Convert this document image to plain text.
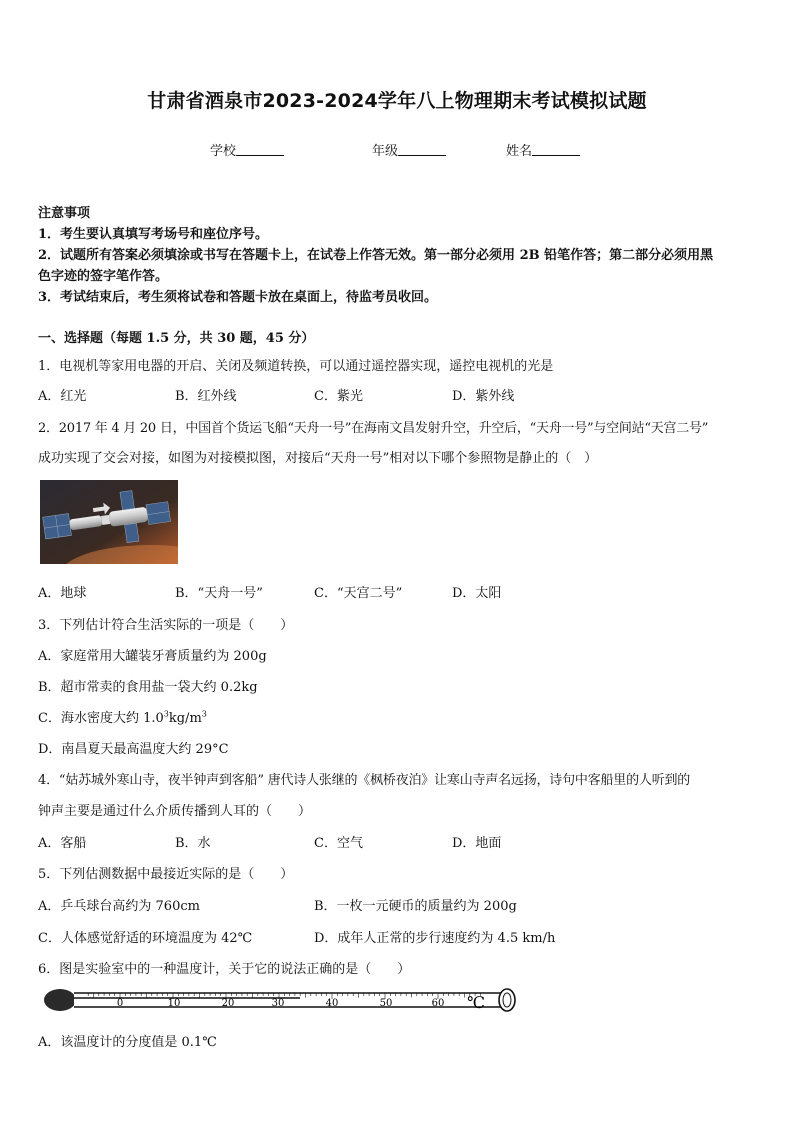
甘肃省酒泉市2023-2024学年八上物理期末考试模拟试题
学校	年级	姓名
注意事项
1．考生要认真填写考场号和座位序号。
2．试题所有答案必须填涂或书写在答题卡上，在试卷上作答无效。第一部分必须用 2B 铅笔作答；第二部分必须用黑
色字迹的签字笔作答。
3．考试结束后，考生须将试卷和答题卡放在桌面上，待监考员收回。
一、选择题（每题 1.5 分，共 30 题，45 分）
1．电视机等家用电器的开启、关闭及频道转换，可以通过遥控器实现，遥控电视机的光是
A．红光	B．红外线	C．紫光	D．紫外线
2．2017 年 4 月 20 日，中国首个货运飞船“天舟一号”在海南文昌发射升空，升空后，“天舟一号”与空间站“天宫二号”
成功实现了交会对接，如图为对接模拟图，对接后“天舟一号”相对以下哪个参照物是静止的（　）
A．地球	B．“天舟一号”	C．“天宫二号”	D．太阳
3．下列估计符合生活实际的一项是（　　）
A．家庭常用大罐装牙膏质量约为 200g
B．超市常卖的食用盐一袋大约 0.2kg
C．海水密度大约 $1.0^3kg/m^3$
D．南昌夏天最高温度大约 29°C
4．“姑苏城外寒山寺，夜半钟声到客船” 唐代诗人张继的《枫桥夜泊》让寒山寺声名远扬，诗句中客船里的人听到的
钟声主要是通过什么介质传播到人耳的（　　）
A．客船	B．水	C．空气	D．地面
5．下列估测数据中最接近实际的是（　　）
A．乒乓球台高约为 760cm	B．一枚一元硬币的质量约为 200g
C．人体感觉舒适的环境温度为 42℃	D．成年人正常的步行速度约为 4.5 km/h
6．图是实验室中的一种温度计，关于它的说法正确的是（　　）
0	10	20	30	40	50	60 ℃
A．该温度计的分度值是 0.1℃
